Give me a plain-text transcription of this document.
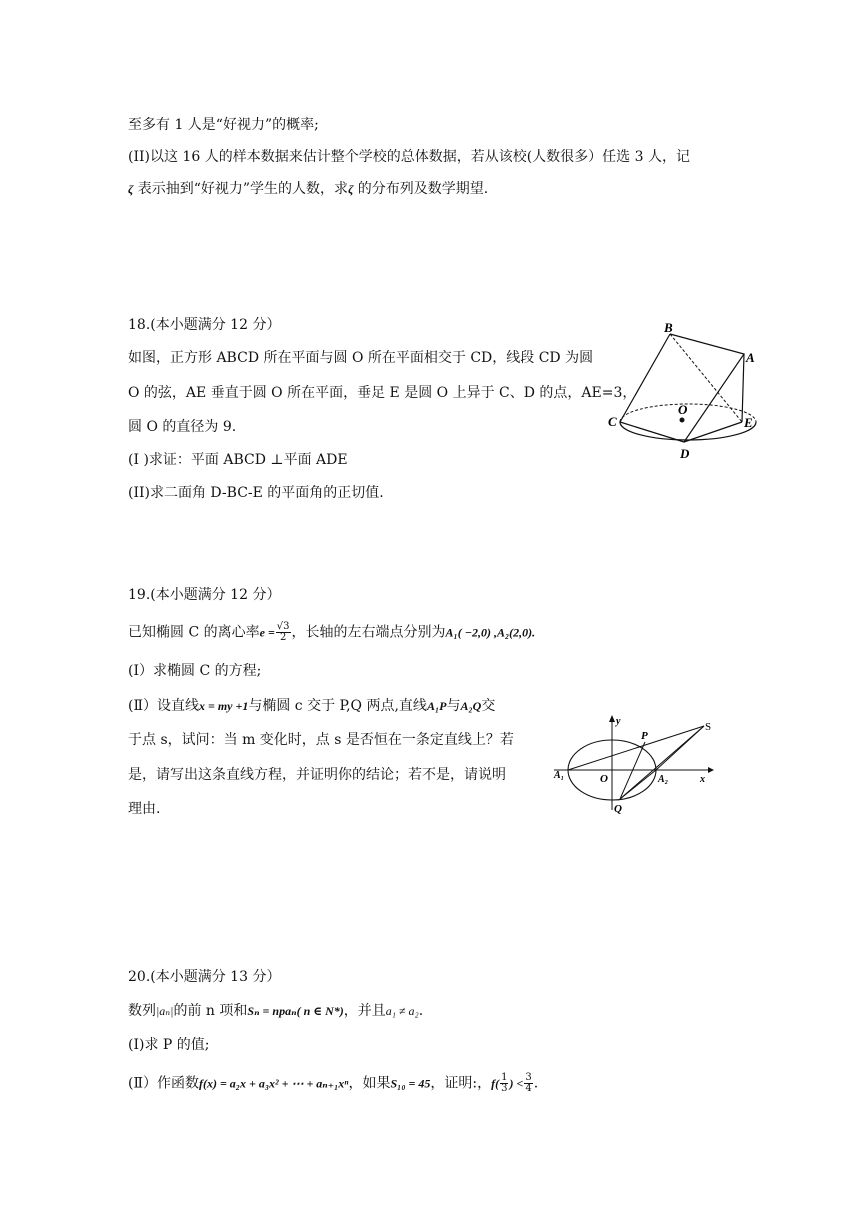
至多有 1 人是“好视力”的概率;
(II)以这 16 人的样本数据来估计整个学校的总体数据，若从该校(人数很多）任选 3 人，记
ζ 表示抽到“好视力”学生的人数，求ζ 的分布列及数学期望.
18.(本小题满分 12 分）
如图，正方形 ABCD 所在平面与圆 O 所在平面相交于 CD，线段 CD 为圆
O 的弦，AE 垂直于圆 O 所在平面，垂足 E 是圆 O 上异于 C、D 的点，AE=3，
圆 O 的直径为 9.
(I )求证：平面 ABCD ⊥平面 ADE
(II)求二面角 D-BC-E 的平面角的正切值.
B
A
O
C	E
D
19.(本小题满分 12 分）
已知椭圆 C 的离心率$e = \frac{√3}{2}$ ，长轴的左右端点分别为A₁( −2,0) ,A₂(2,0).
(Ⅰ）求椭圆 C 的方程;
(Ⅱ）设直线x = my +1与椭圆 c 交于 P,Q 两点,直线A₁P与A₂Q交
于点 s，试问：当 m 变化时，点 s 是否恒在一条定直线上？若
是，请写出这条直线方程，并证明你的结论；若不是，请说明
理由.
y
x
S
P
O
A₁	A₂
Q
20.(本小题满分 13 分）
数列|aₙ|的前 n 项和Sₙ = npaₙ( n ∈ N*)，并且a₁ ≠ a₂.
(I)求 P 的值;
(Ⅱ）作函数f(x) = a₂x + a₃x² + ⋯ + aₙ₊₁xⁿ，如果S₁₀ = 45，证明:，$f( \frac{1}{3}$ ) < $\frac{3}{4}$ .
